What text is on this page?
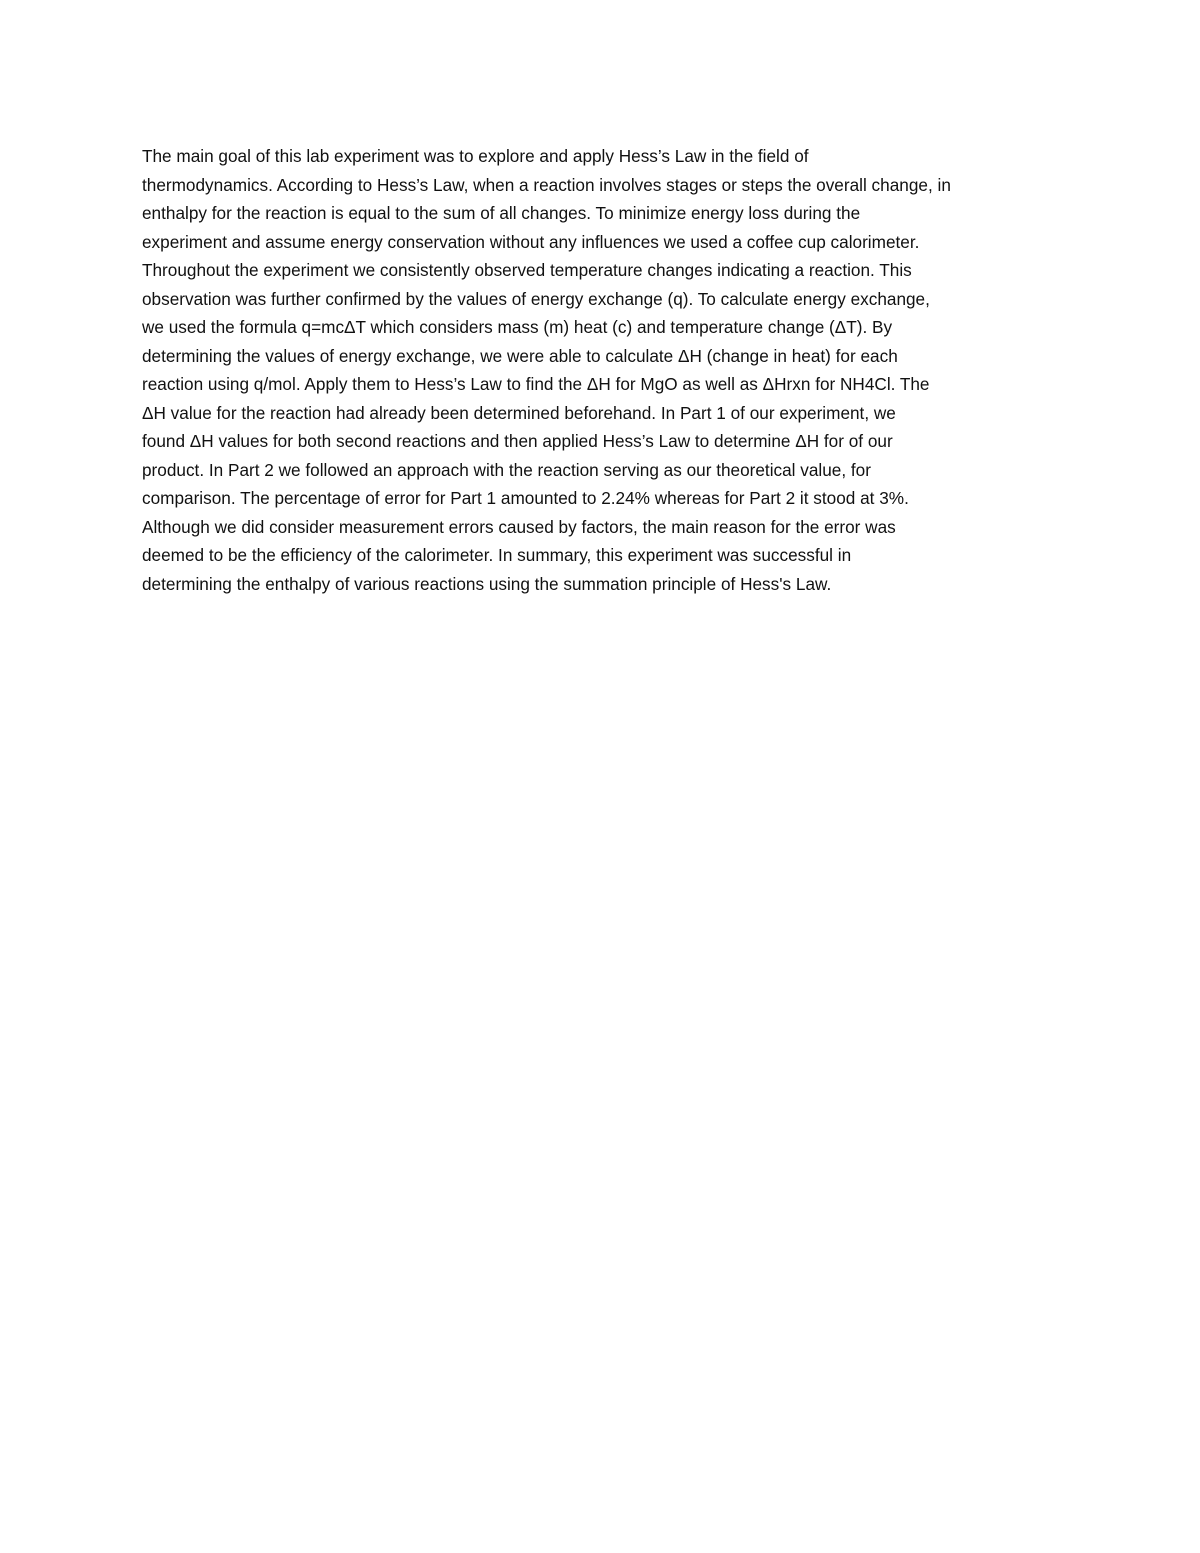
The main goal of this lab experiment was to explore and apply Hess’s Law in the field of
thermodynamics. According to Hess’s Law, when a reaction involves stages or steps the overall change, in
enthalpy for the reaction is equal to the sum of all changes. To minimize energy loss during the
experiment and assume energy conservation without any influences we used a coffee cup calorimeter.
Throughout the experiment we consistently observed temperature changes indicating a reaction. This
observation was further confirmed by the values of energy exchange (q). To calculate energy exchange,
we used the formula q=mcΔT which considers mass (m) heat (c) and temperature change (ΔT). By
determining the values of energy exchange, we were able to calculate ΔH (change in heat) for each
reaction using q/mol. Apply them to Hess’s Law to find the ΔH for MgO as well as ΔHrxn for NH4Cl. The
ΔH value for the reaction had already been determined beforehand. In Part 1 of our experiment, we
found ΔH values for both second reactions and then applied Hess’s Law to determine ΔH for of our
product. In Part 2 we followed an approach with the reaction serving as our theoretical value, for
comparison. The percentage of error for Part 1 amounted to 2.24% whereas for Part 2 it stood at 3%.
Although we did consider measurement errors caused by factors, the main reason for the error was
deemed to be the efficiency of the calorimeter. In summary, this experiment was successful in
determining the enthalpy of various reactions using the summation principle of Hess's Law.
